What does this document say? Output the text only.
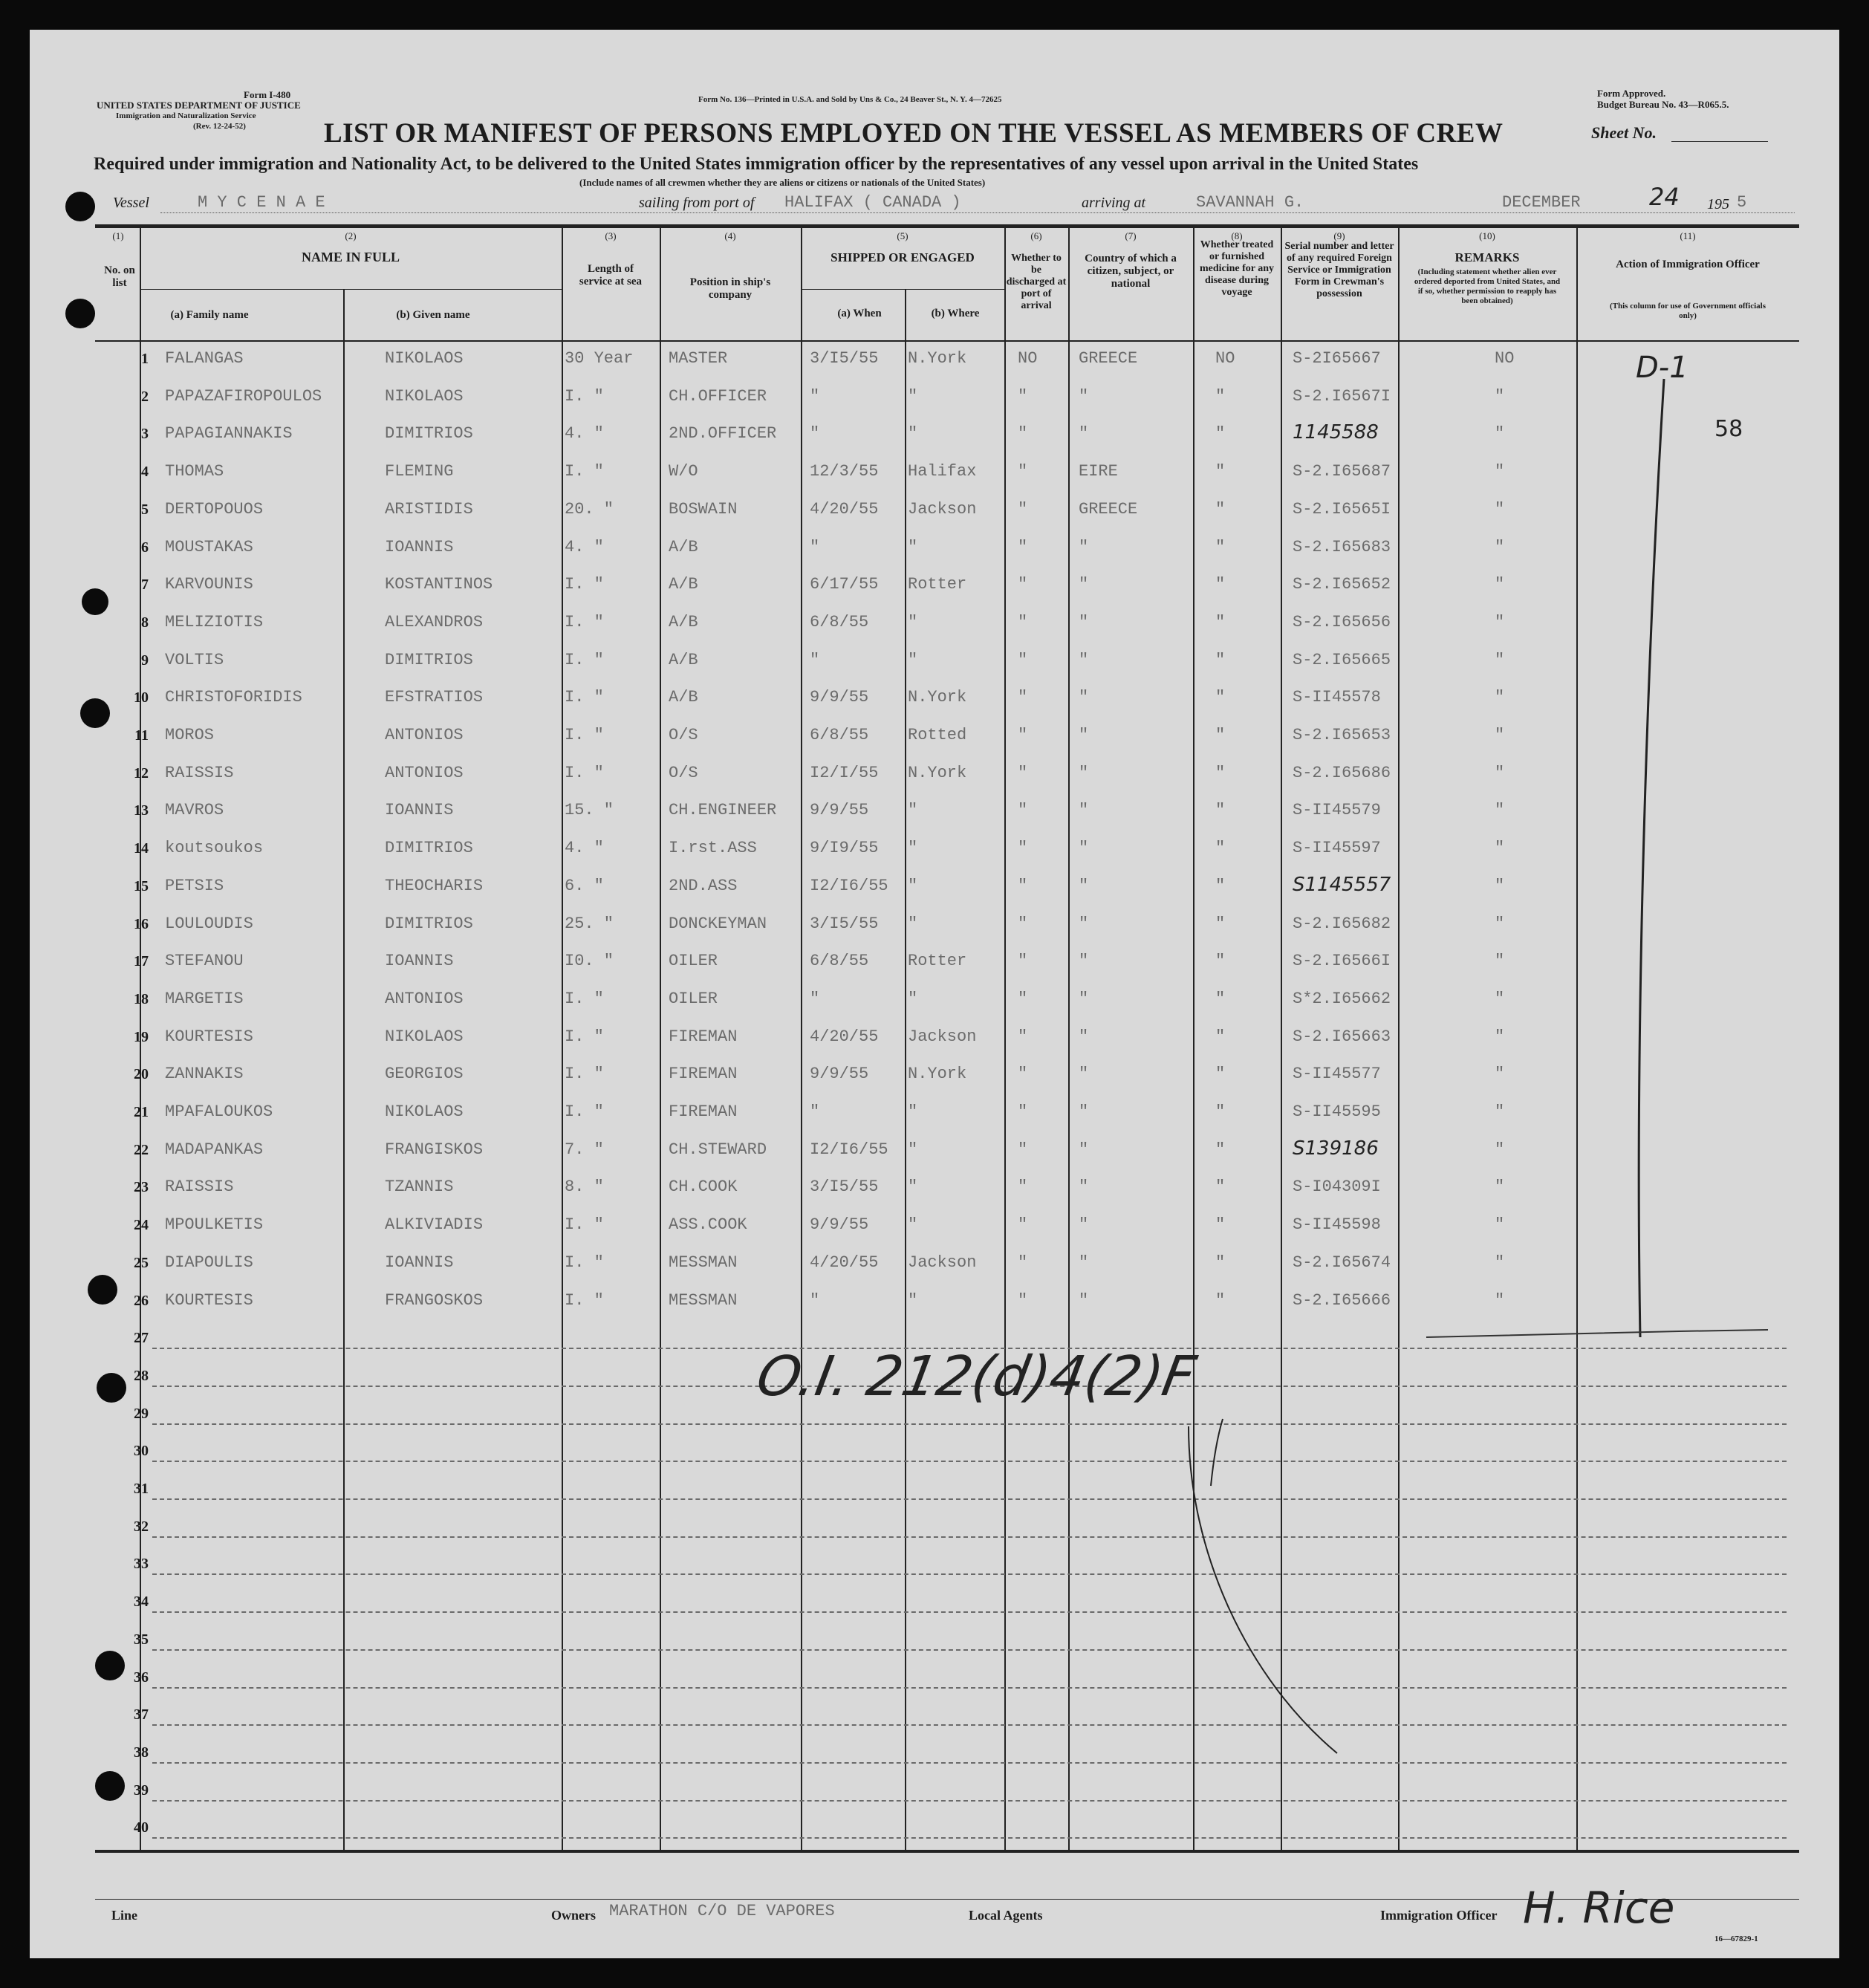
Form I-480
UNITED STATES DEPARTMENT OF JUSTICE
Immigration and Naturalization Service
(Rev. 12-24-52)
Form No. 136—Printed in U.S.A. and Sold by Uns & Co., 24 Beaver St., N. Y. 4—72625
Form Approved.
Budget Bureau No. 43—R065.5.
LIST OR MANIFEST OF PERSONS EMPLOYED ON THE VESSEL AS MEMBERS OF CREW	Sheet No.
Required under immigration and Nationality Act, to be delivered to the United States immigration officer by the representatives of any vessel upon arrival in the United States
(Include names of all crewmen whether they are aliens or citizens or nationals of the United States)
Vessel	M Y C E N A E	sailing from port of HALIFAX ( CANADA )	arriving at	SAVANNAH G.	DECEMBER	24 195 5
(1)
No. on list
(2)
NAME IN FULL
(a) Family name	(b) Given name
(3)
Length of service at sea
(4)
Position in ship's company
(5)
SHIPPED OR ENGAGED
(a) When	(b) Where
(6)
Whether to be discharged at port of arrival
(7)
Country of which a citizen, subject, or national
(8)
Whether treated or furnished medicine for any disease during voyage
(9)
Serial number and letter of any required Foreign Service or Immigration Form in Crewman's possession
(10)
REMARKS
(Including statement whether alien ever ordered deported from United States, and if so, whether permission to reapply has been obtained)
(11)
Action of Immigration Officer
(This column for use of Government officials only)
1 FALANGAS	NIKOLAOS	30 Year	MASTER	3/I5/55	N.York	NO	GREECE	NO	S-2I65667	NO
2 PAPAZAFIROPOULOS	NIKOLAOS	I. "	CH.OFFICER	"	"	"	"	"	S-2.I6567I	"
3 PAPAGIANNAKIS	DIMITRIOS	4. "	2ND.OFFICER	"	"	"	"	"	1145588	"
4 THOMAS	FLEMING	I. "	W/O	12/3/55	Halifax	"	EIRE	"	S-2.I65687	"
5 DERTOPOUOS	ARISTIDIS	20. "	BOSWAIN	4/20/55	Jackson	"	GREECE	"	S-2.I6565I	"
6 MOUSTAKAS	IOANNIS	4. "	A/B	"	"	"	"	"	S-2.I65683	"
7 KARVOUNIS	KOSTANTINOS	I. "	A/B	6/17/55	Rotter	"	"	"	S-2.I65652	"
8 MELIZIOTIS	ALEXANDROS	I. "	A/B	6/8/55	"	"	"	"	S-2.I65656	"
9 VOLTIS	DIMITRIOS	I. "	A/B	"	"	"	"	"	S-2.I65665	"
10 CHRISTOFORIDIS	EFSTRATIOS	I. "	A/B	9/9/55	N.York	"	"	"	S-II45578	"
11 MOROS	ANTONIOS	I. "	O/S	6/8/55	Rotted	"	"	"	S-2.I65653	"
12 RAISSIS	ANTONIOS	I. "	O/S	I2/I/55	N.York	"	"	"	S-2.I65686	"
13 MAVROS	IOANNIS	15. "	CH.ENGINEER	9/9/55	"	"	"	"	S-II45579	"
14 koutsoukos	DIMITRIOS	4. "	I.rst.ASS	9/I9/55	"	"	"	"	S-II45597	"
15 PETSIS	THEOCHARIS	6. "	2ND.ASS	I2/I6/55	"	"	"	"	S1145557	"
16 LOULOUDIS	DIMITRIOS	25. "	DONCKEYMAN	3/I5/55	"	"	"	"	S-2.I65682	"
17 STEFANOU	IOANNIS	I0. "	OILER	6/8/55	Rotter	"	"	"	S-2.I6566I	"
18 MARGETIS	ANTONIOS	I. "	OILER	"	"	"	"	"	S*2.I65662	"
19 KOURTESIS	NIKOLAOS	I. "	FIREMAN	4/20/55	Jackson	"	"	"	S-2.I65663	"
20 ZANNAKIS	GEORGIOS	I. "	FIREMAN	9/9/55	N.York	"	"	"	S-II45577	"
21 MPAFALOUKOS	NIKOLAOS	I. "	FIREMAN	"	"	"	"	"	S-II45595	"
22 MADAPANKAS	FRANGISKOS	7. "	CH.STEWARD	I2/I6/55	"	"	"	"	S139186	"
23 RAISSIS	TZANNIS	8. "	CH.COOK	3/I5/55	"	"	"	"	S-I04309I	"
24 MPOULKETIS	ALKIVIADIS	I. "	ASS.COOK	9/9/55	"	"	"	"	S-II45598	"
25 DIAPOULIS	IOANNIS	I. "	MESSMAN	4/20/55	Jackson	"	"	"	S-2.I65674	"
26 KOURTESIS	FRANGOSKOS	I. "	MESSMAN	"	"	"	"	"	S-2.I65666	"
27
28
29
30
31
32
33
34
35
36
37
38
39
40
D-1
58
O.I. 212(d)4(2)F
Line	Owners MARATHON C/O DE VAPORES	Local Agents	Immigration Officer H. Rice
16—67829-1
